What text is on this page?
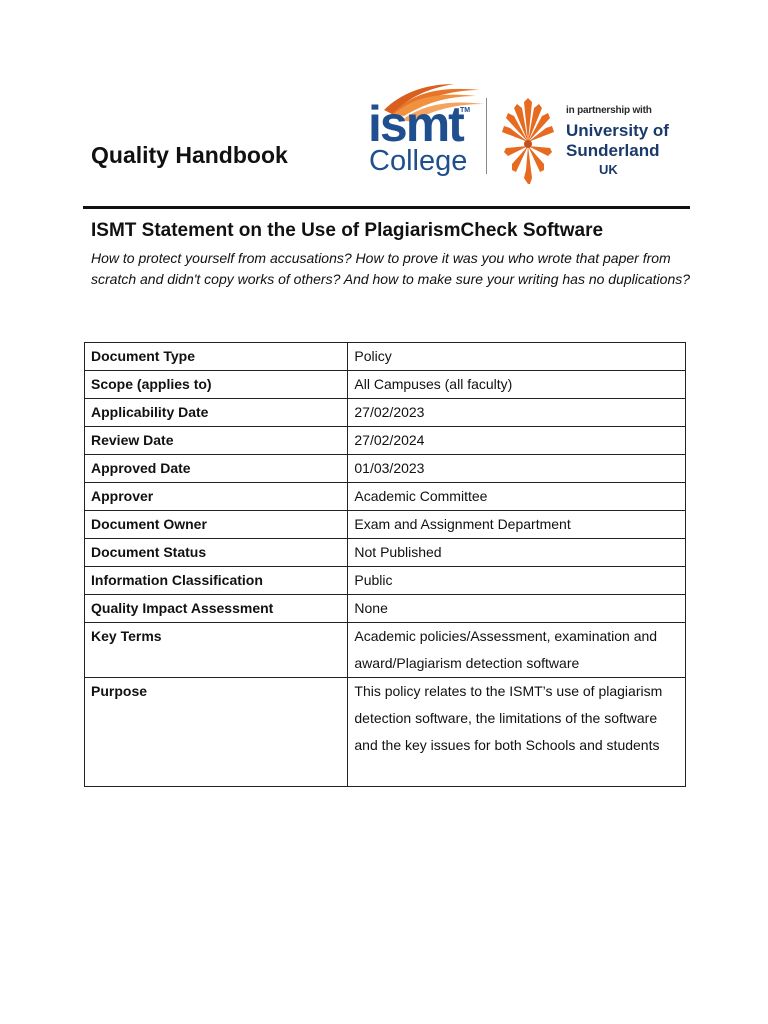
Quality Handbook
ismt
TM
College
in partnership with
University of
Sunderland
UK
ISMT Statement on the Use of PlagiarismCheck Software

How to protect yourself from accusations? How to prove it was you who wrote that paper from scratch and didn't copy works of others? And how to make sure your writing has no duplications?

Document Type	Policy
Scope (applies to)	All Campuses (all faculty)
Applicability Date	27/02/2023
Review Date	27/02/2024
Approved Date	01/03/2023
Approver	Academic Committee
Document Owner	Exam and Assignment Department
Document Status	Not Published
Information Classification	Public
Quality Impact Assessment	None
Key Terms	Academic policies/Assessment, examination and award/Plagiarism detection software
Purpose	This policy relates to the ISMT’s use of plagiarism detection software, the limitations of the software and the key issues for both Schools and students
